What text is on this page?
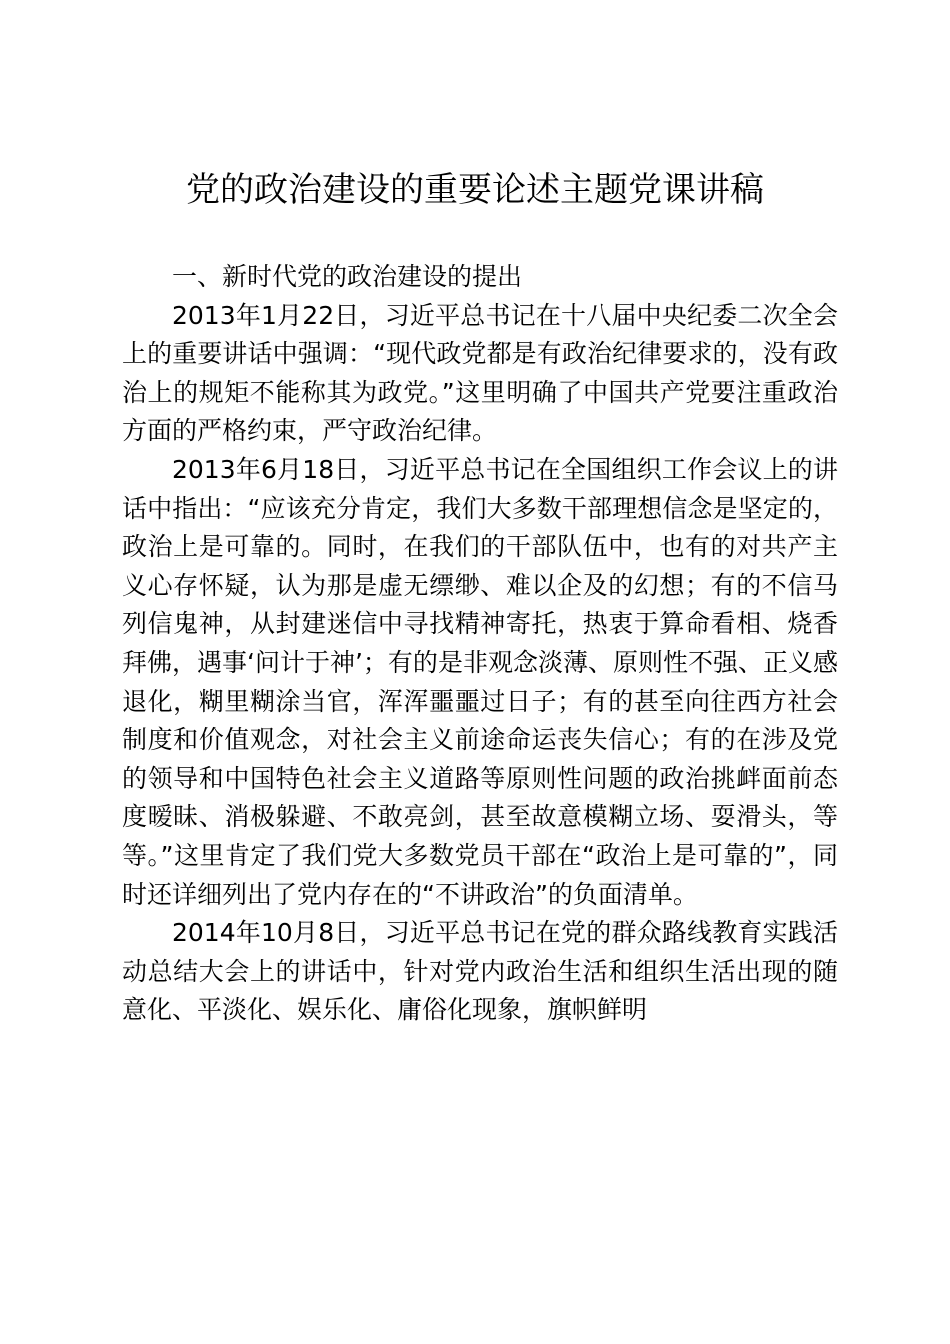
党的政治建设的重要论述主题党课讲稿

一、新时代党的政治建设的提出

2013年1月22日，习近平总书记在十八届中央纪委二次全会上的重要讲话中强调：“现代政党都是有政治纪律要求的，没有政治上的规矩不能称其为政党。”这里明确了中国共产党要注重政治方面的严格约束，严守政治纪律。

2013年6月18日，习近平总书记在全国组织工作会议上的讲话中指出：“应该充分肯定，我们大多数干部理想信念是坚定的，政治上是可靠的。同时，在我们的干部队伍中，也有的对共产主义心存怀疑，认为那是虚无缥缈、难以企及的幻想；有的不信马列信鬼神，从封建迷信中寻找精神寄托，热衷于算命看相、烧香拜佛，遇事‘问计于神’；有的是非观念淡薄、原则性不强、正义感退化，糊里糊涂当官，浑浑噩噩过日子；有的甚至向往西方社会制度和价值观念，对社会主义前途命运丧失信心；有的在涉及党的领导和中国特色社会主义道路等原则性问题的政治挑衅面前态度暧昧、消极躲避、不敢亮剑，甚至故意模糊立场、耍滑头，等等。”这里肯定了我们党大多数党员干部在“政治上是可靠的”，同时还详细列出了党内存在的“不讲政治”的负面清单。

2014年10月8日，习近平总书记在党的群众路线教育实践活动总结大会上的讲话中，针对党内政治生活和组织生活出现的随意化、平淡化、娱乐化、庸俗化现象，旗帜鲜明
